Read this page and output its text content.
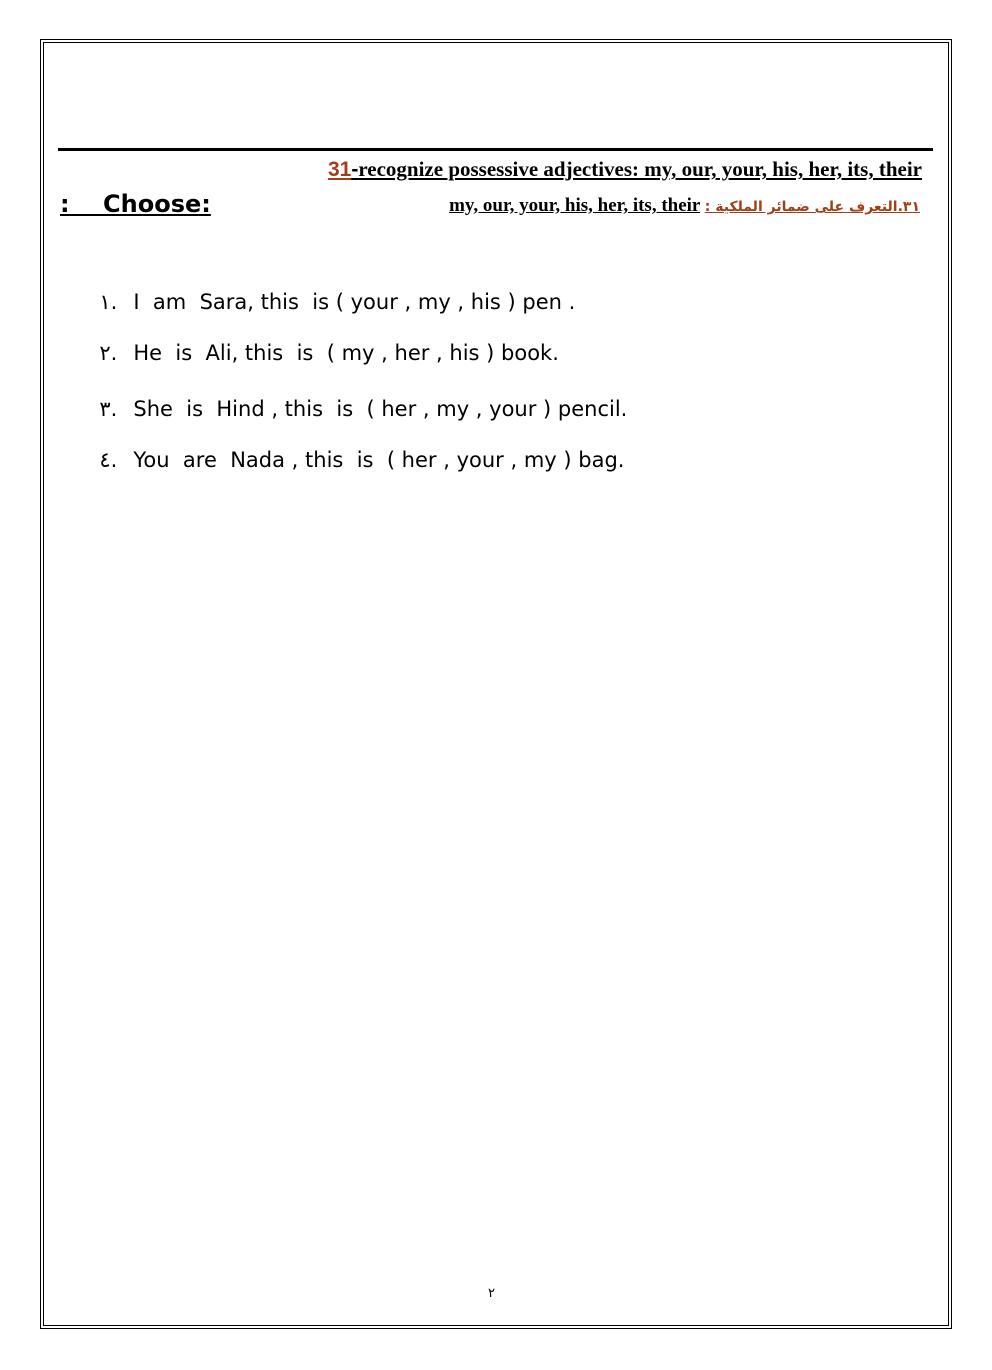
31-recognize possessive adjectives: my, our, your, his, her, its, their
:    Choose:	my, our, your, his, her, its, their ٣١.التعرف على ضمائر الملكية :

١. I  am  Sara, this  is ( your , my , his ) pen .

٢. He  is  Ali, this  is  ( my , her , his ) book.

٣. She  is  Hind , this  is  ( her , my , your ) pencil.

٤. You  are  Nada , this  is  ( her , your , my ) bag.

٢
